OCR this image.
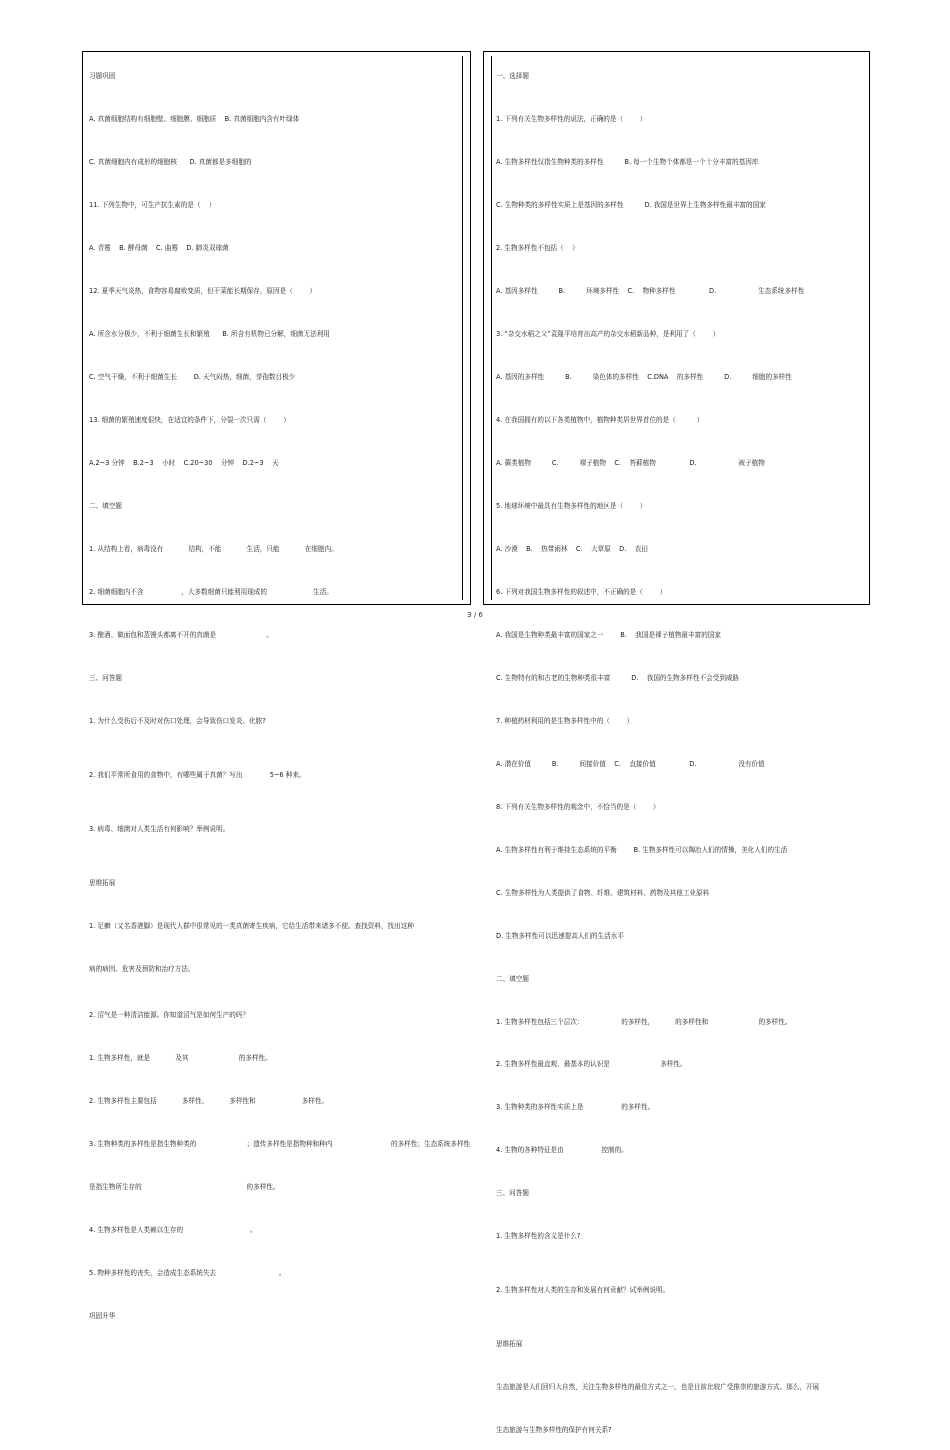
习题巩固

A. 真菌细胞结构有细胞壁、细胞膜、细胞质    B. 真菌细胞内含有叶绿体

C. 真菌细胞内有成形的细胞核      D. 真菌都是多细胞的

11. 下列生物中，可生产抗生素的是（    ）

A. 青霉    B. 酵母菌    C. 曲霉    D. 肺炎双球菌

12. 夏季天气炎热，食物容易腐败变质，但干菜能长期保存，原因是（        ）

A. 所含水分极少，不利于细菌生长和繁殖      B. 所含有机物已分解，细菌无法利用

C. 空气干燥，不利于细菌生长        D. 天气闷热，细菌，芽孢数目极少

13. 细菌的繁殖速度很快，在适宜的条件下，分裂一次只需（        ）

A.2~3 分钟    B.2~3    小时    C.20~30    分钟    D.2~3    天

二、填空题

1. 从结构上看，病毒没有            结构，不能            生活，只能            在细胞内。

2. 细菌细胞内不含                  ，大多数细菌只能利用现成的                      生活。

3. 酿酒、做面包和蒸馒头都离不开的真菌是                        。

三、问答题

1. 为什么受伤后不及时对伤口处理，会导致伤口发炎、化脓?

2. 我们平常所食用的食物中，有哪些属于真菌？写出             5~6 种来。

3. 病毒、细菌对人类生活有何影响？举例说明。

思维拓展

1. 足癣（又名香港脚）是现代人群中很常见的一类真菌寄生疾病，它给生活带来诸多不便。查找资料，找出这种

病的病因、危害及预防和治疗方法。

2. 沼气是一种清洁能源。你知道沼气是如何生产的吗？

1. 生物多样性，就是            及其                        的多样性。

2. 生物多样性主要包括            多样性、          多样性和                      多样性。

3. 生物种类的多样性是指生物种类的                        ；遗传多样性是指物种和种内                            的多样性；生态系统多样性

是指生物所生存的                                                  的多样性。

4. 生物多样性是人类赖以生存的                                。

5. 物种多样性的丧失，会造成生态系统失去                              。

巩固升华

一、选择题

1. 下列有关生物多样性的说法，正确的是（        ）

A. 生物多样性仅指生物种类的多样性          B. 每一个生物个体都是一个十分丰富的基因库

C. 生物种类的多样性实质上是基因的多样性          D. 我国是世界上生物多样性最丰富的国家

2. 生物多样性不包括（    ）

A. 基因多样性          B.          环境多样性    C.    物种多样性                D.                    生态系统多样性

3. “杂交水稻之父”袁隆平培育出高产的杂交水稻新品种，是利用了（        ）

A. 基因的多样性          B.          染色体的多样性    C.DNA    的多样性          D.          细胞的多样性

4. 在我国拥有的以下各类植物中，植物种类居世界首位的是（          ）

A. 蕨类植物          C.          裸子植物    C.    苔藓植物                D.                    被子植物

5. 地球环境中最具有生物多样性的地区是（        ）

A. 沙漠    B.    热带雨林    C.    大草原    D.    农田

6. 下列对我国生物多样性的叙述中，不正确的是（        ）

A. 我国是生物种类最丰富的国家之一        B.    我国是裸子植物最丰富的国家

C. 生物特有的和古老的生物种类很丰富          D.    我国的生物多样性不会受到威胁

7. 种植药材利用的是生物多样性中的（        ）

A. 潜在价值          B.          间接价值    C.    直接价值                D.                    没有价值

8. 下列有关生物多样性的观念中，不恰当的是（        ）

A. 生物多样性有利于维持生态系统的平衡        B. 生物多样性可以陶冶人们的情操，美化人们的生活

C. 生物多样性为人类提供了食物、纤维、建筑材料、药物及其他工业原料

D. 生物多样性可以迅速提高人们的生活水平

二、填空题

1. 生物多样性包括三个层次：                  的多样性，          的多样性和                        的多样性。

2. 生物多样性最直观、最基本的认识是                        多样性。

3. 生物种类的多样性实质上是                  的多样性。

4. 生物的各种特征是由                  控制的。

三、问答题

1. 生物多样性的含义是什么?

2. 生物多样性对人类的生存和发展有何贡献？试举例说明。

思维拓展

生态旅游是人们回归大自然，关注生物多样性的最佳方式之一，也是目前比较广受推崇的旅游方式。那么，开展

生态旅游与生物多样性的保护有何关系?

3 / 6
